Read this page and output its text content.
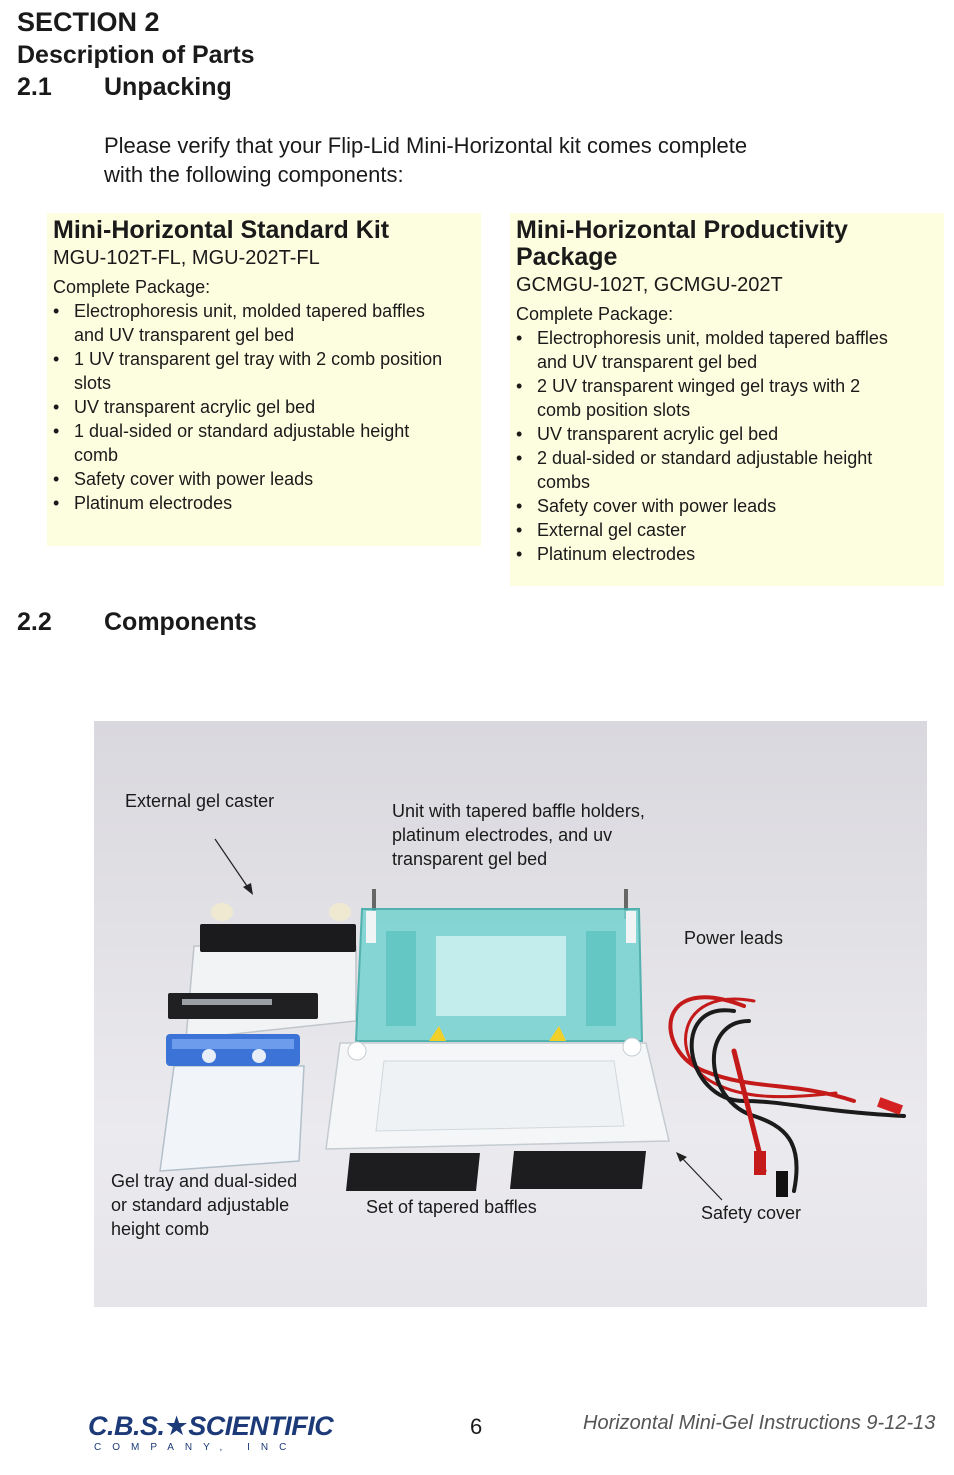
SECTION 2
Description of Parts
2.1 Unpacking

Please verify that your Flip-Lid Mini-Horizontal kit comes complete
with the following components:

Mini-Horizontal Standard Kit

MGU-102T-FL, MGU-202T-FL

Complete Package:

• Electrophoresis unit, molded tapered baffles
and UV transparent gel bed
• 1 UV transparent gel tray with 2 comb position
slots
• UV transparent acrylic gel bed
• 1 dual-sided or standard adjustable height
comb
• Safety cover with power leads
• Platinum electrodes

Mini-Horizontal Productivity
Package

GCMGU-102T, GCMGU-202T

Complete Package:

• Electrophoresis unit, molded tapered baffles
and UV transparent gel bed
• 2 UV transparent winged gel trays with 2
comb position slots
• UV transparent acrylic gel bed
• 2 dual-sided or standard adjustable height
combs
• Safety cover with power leads
• External gel caster
• Platinum electrodes
2.2 Components
External gel caster	Unit with tapered baffle holders,
platinum electrodes, and uv
transparent gel bed
Power leads
Gel tray and dual-sided
or standard adjustable
height comb
Set of tapered baffles	Safety cover
C.B.S.★SCIENTIFIC
COMPANY, INC
6	Horizontal Mini-Gel Instructions 9-12-13
